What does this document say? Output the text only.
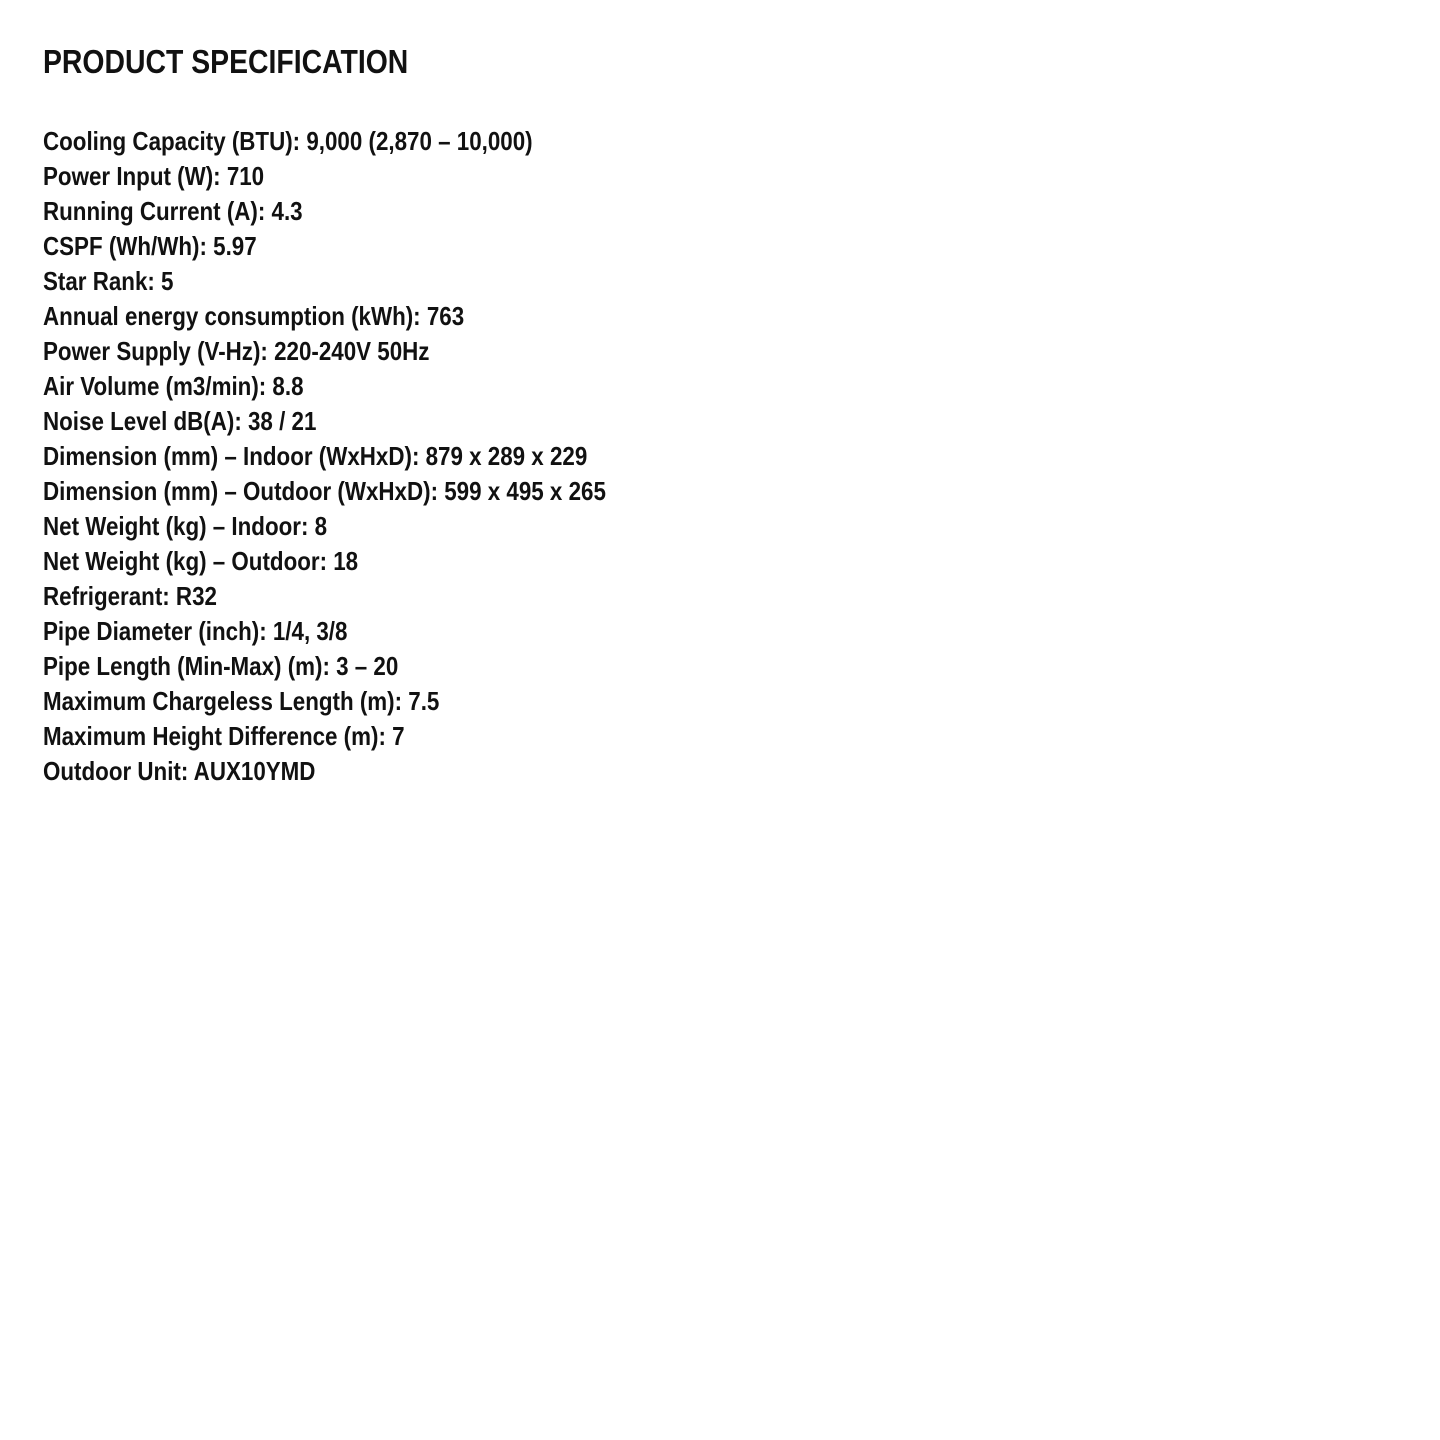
PRODUCT SPECIFICATION
Cooling Capacity (BTU): 9,000 (2,870 – 10,000)
Power Input (W): 710
Running Current (A): 4.3
CSPF (Wh/Wh): 5.97
Star Rank: 5
Annual energy consumption (kWh): 763
Power Supply (V-Hz): 220-240V 50Hz
Air Volume (m3/min): 8.8
Noise Level dB(A): 38 / 21
Dimension (mm) – Indoor (WxHxD): 879 x 289 x 229
Dimension (mm) – Outdoor (WxHxD): 599 x 495 x 265
Net Weight (kg) – Indoor: 8
Net Weight (kg) – Outdoor: 18
Refrigerant: R32
Pipe Diameter (inch): 1/4, 3/8
Pipe Length (Min-Max) (m): 3 – 20
Maximum Chargeless Length (m): 7.5
Maximum Height Difference (m): 7
Outdoor Unit: AUX10YMD
